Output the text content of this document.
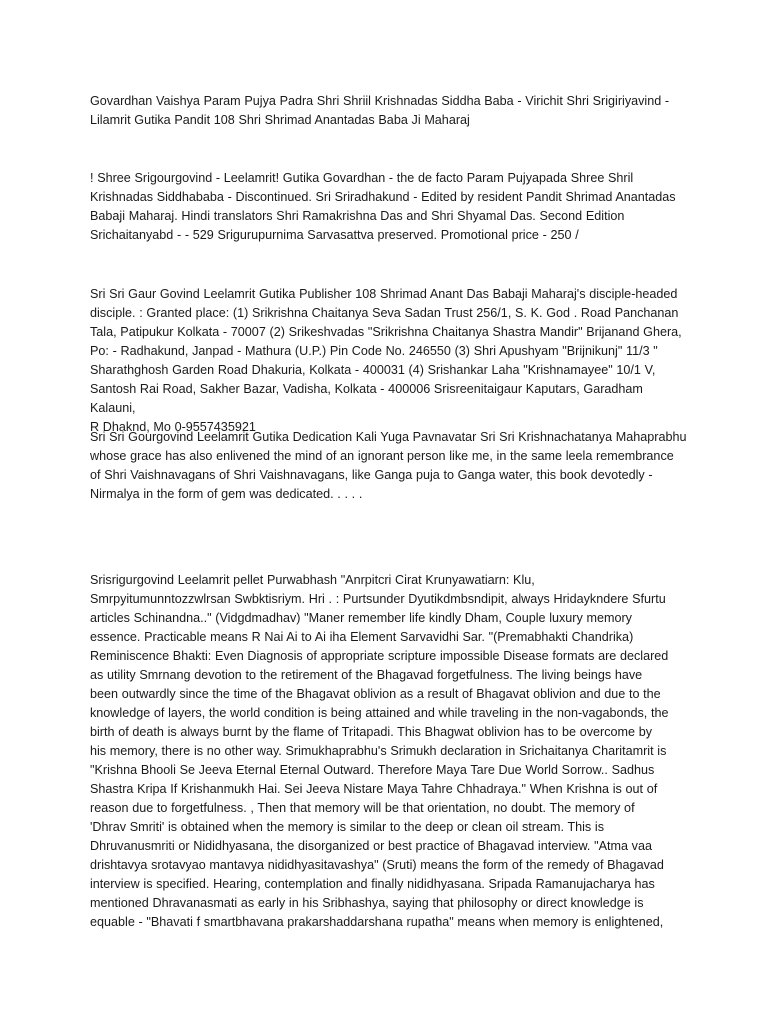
Govardhan Vaishya Param Pujya Padra Shri Shriil Krishnadas Siddha Baba - Virichit Shri Srigiriyavind -
Lilamrit Gutika Pandit 108 Shri Shrimad Anantadas Baba Ji Maharaj

! Shree Srigourgovind - Leelamrit! Gutika Govardhan - the de facto Param Pujyapada Shree Shril
Krishnadas Siddhababa - Discontinued. Sri Sriradhakund - Edited by resident Pandit Shrimad Anantadas
Babaji Maharaj. Hindi translators Shri Ramakrishna Das and Shri Shyamal Das. Second Edition
Srichaitanyabd - - 529 Srigurupurnima Sarvasattva preserved. Promotional price - 250 /

Sri Sri Gaur Govind Leelamrit Gutika Publisher 108 Shrimad Anant Das Babaji Maharaj's disciple-headed
disciple. : Granted place: (1) Srikrishna Chaitanya Seva Sadan Trust 256/1, S. K. God . Road Panchanan
Tala, Patipukur Kolkata - 70007 (2) Srikeshvadas "Srikrishna Chaitanya Shastra Mandir" Brijanand Ghera,
Po: - Radhakund, Janpad - Mathura (U.P.) Pin Code No. 246550 (3) Shri Apushyam "Brijnikunj" 11/3 "
Sharathghosh Garden Road Dhakuria, Kolkata - 400031 (4) Srishankar Laha "Krishnamayee" 10/1 V,
Santosh Rai Road, Sakher Bazar, Vadisha, Kolkata - 400006 Srisreenitaigaur Kaputars, Garadham Kalauni,
R Dhaknd, Mo 0-9557435921

Sri Sri Gourgovind Leelamrit Gutika Dedication Kali Yuga Pavnavatar Sri Sri Krishnachatanya Mahaprabhu
whose grace has also enlivened the mind of an ignorant person like me, in the same leela remembrance
of Shri Vaishnavagans of Shri Vaishnavagans, like Ganga puja to Ganga water, this book devotedly -
Nirmalya in the form of gem was dedicated. . . . .

Srisrigurgovind Leelamrit pellet Purwabhash "Anrpitcri Cirat Krunyawatiarn: Klu,
Smrpyitumunntozzwlrsan Swbktisriym. Hri . : Purtsunder Dyutikdmbsndipit, always Hridaykndere Sfurtu
articles Schinandna.." (Vidgdmadhav) "Maner remember life kindly Dham, Couple luxury memory
essence. Practicable means R Nai Ai to Ai iha Element Sarvavidhi Sar. "(Premabhakti Chandrika)
Reminiscence Bhakti: Even Diagnosis of appropriate scripture impossible Disease formats are declared
as utility Smrnang devotion to the retirement of the Bhagavad forgetfulness. The living beings have
been outwardly since the time of the Bhagavat oblivion as a result of Bhagavat oblivion and due to the
knowledge of layers, the world condition is being attained and while traveling in the non-vagabonds, the
birth of death is always burnt by the flame of Tritapadi. This Bhagwat oblivion has to be overcome by
his memory, there is no other way. Srimukhaprabhu's Srimukh declaration in Srichaitanya Charitamrit is
"Krishna Bhooli Se Jeeva Eternal Eternal Outward. Therefore Maya Tare Due World Sorrow.. Sadhus
Shastra Kripa If Krishanmukh Hai. Sei Jeeva Nistare Maya Tahre Chhadraya." When Krishna is out of
reason due to forgetfulness. , Then that memory will be that orientation, no doubt. The memory of
'Dhrav Smriti' is obtained when the memory is similar to the deep or clean oil stream. This is
Dhruvanusmriti or Nididhyasana, the disorganized or best practice of Bhagavad interview. "Atma vaa
drishtavya srotavyao mantavya nididhyasitavashya" (Sruti) means the form of the remedy of Bhagavad
interview is specified. Hearing, contemplation and finally nididhyasana. Sripada Ramanujacharya has
mentioned Dhravanasmati as early in his Sribhashya, saying that philosophy or direct knowledge is
equable - "Bhavati f smartbhavana prakarshaddarshana rupatha" means when memory is enlightened,
